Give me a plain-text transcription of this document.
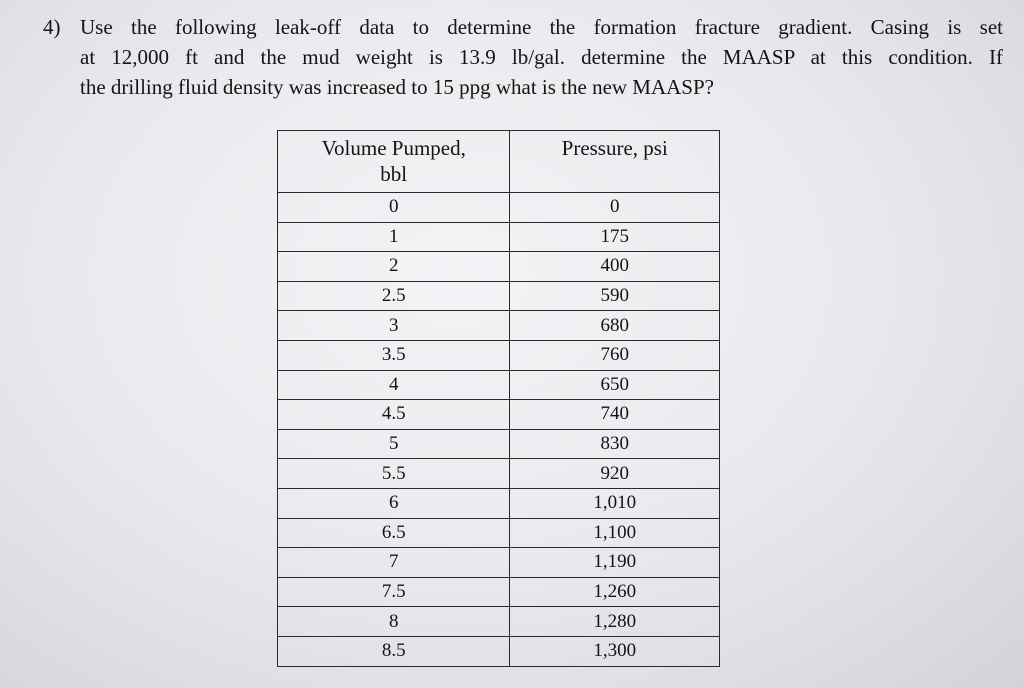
4) Use the following leak-off data to determine the formation fracture gradient. Casing is set
at 12,000 ft and the mud weight is 13.9 lb/gal. determine the MAASP at this condition. If
the drilling fluid density was increased to 15 ppg what is the new MAASP?
Volume Pumped,
bbl	Pressure, psi
0	0
1	175
2	400
2.5	590
3	680
3.5	760
4	650
4.5	740
5	830
5.5	920
6	1,010
6.5	1,100
7	1,190
7.5	1,260
8	1,280
8.5	1,300
